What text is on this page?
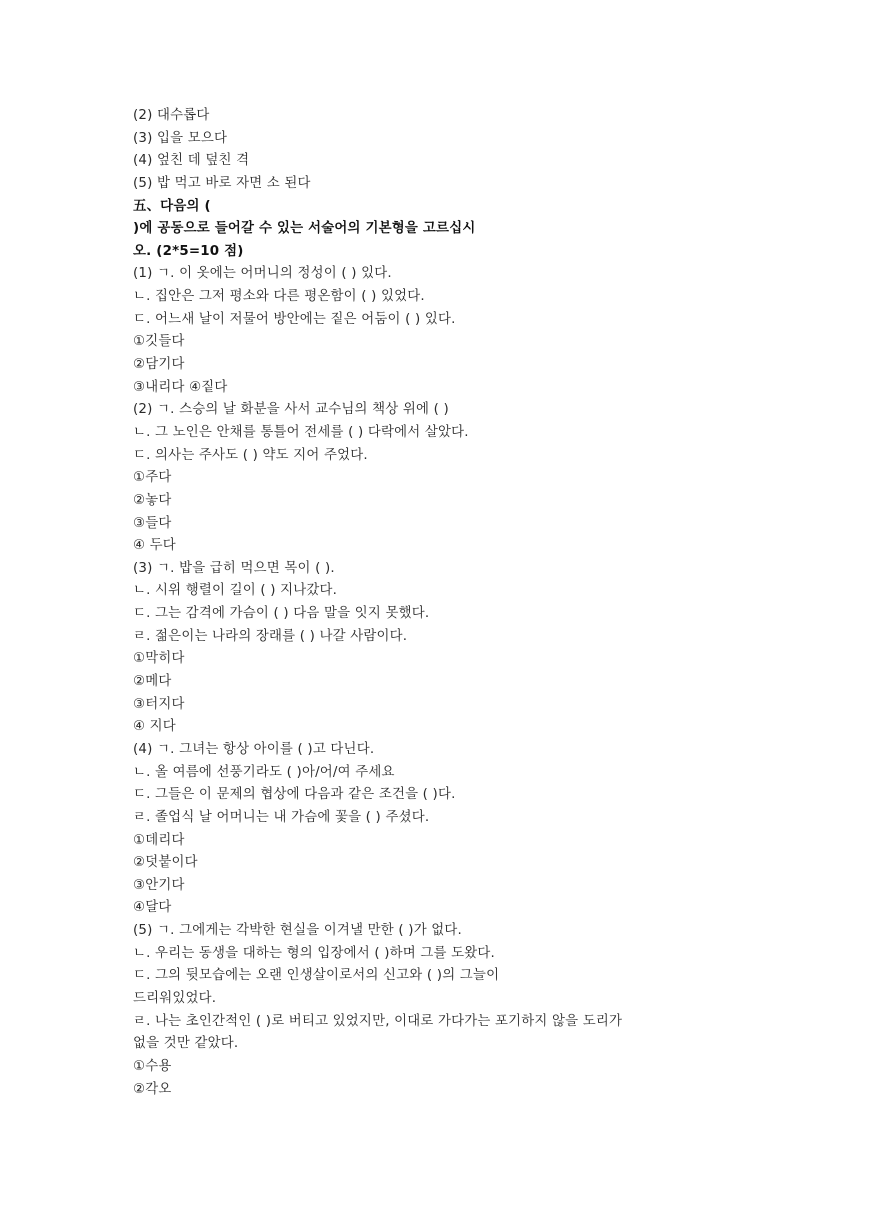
(2) 대수롭다
(3) 입을 모으다
(4) 엎친 데 덮친 격
(5) 밥 먹고 바로 자면 소 된다
五、다음의 (
)에 공동으로 들어갈 수 있는 서술어의 기본형을 고르십시
오. (2*5=10 점)
(1) ㄱ. 이 옷에는 어머니의 정성이 ( ) 있다.
ㄴ. 집안은 그저 평소와 다른 평온함이 ( ) 있었다.
ㄷ. 어느새 날이 저물어 방안에는 짙은 어둠이 ( ) 있다.
①깃들다
②담기다
③내리다 ④짙다
(2) ㄱ. 스승의 날 화분을 사서 교수님의 책상 위에 ( )
ㄴ. 그 노인은 안채를 통틀어 전세를 ( ) 다락에서 살았다.
ㄷ. 의사는 주사도 ( ) 약도 지어 주었다.
①주다
②놓다
③들다
④ 두다
(3) ㄱ. 밥을 급히 먹으면 목이 ( ).
ㄴ. 시위 행렬이 길이 ( ) 지나갔다.
ㄷ. 그는 감격에 가슴이 ( ) 다음 말을 잇지 못했다.
ㄹ. 젊은이는 나라의 장래를 ( ) 나갈 사람이다.
①막히다
②메다
③터지다
④ 지다
(4) ㄱ. 그녀는 항상 아이를 ( )고 다닌다.
ㄴ. 올 여름에 선풍기라도 ( )아/어/여 주세요
ㄷ. 그들은 이 문제의 협상에 다음과 같은 조건을 ( )다.
ㄹ. 졸업식 날 어머니는 내 가슴에 꽃을 ( ) 주셨다.
①데리다
②덧붙이다
③안기다
④달다
(5) ㄱ. 그에게는 각박한 현실을 이겨낼 만한 ( )가 없다.
ㄴ. 우리는 동생을 대하는 형의 입장에서 ( )하며 그를 도왔다.
ㄷ. 그의 뒷모습에는 오랜 인생살이로서의 신고와 ( )의 그늘이
드리워있었다.
ㄹ. 나는 초인간적인 ( )로 버티고 있었지만, 이대로 가다가는 포기하지 않을 도리가
없을 것만 같았다.
①수용
②각오
